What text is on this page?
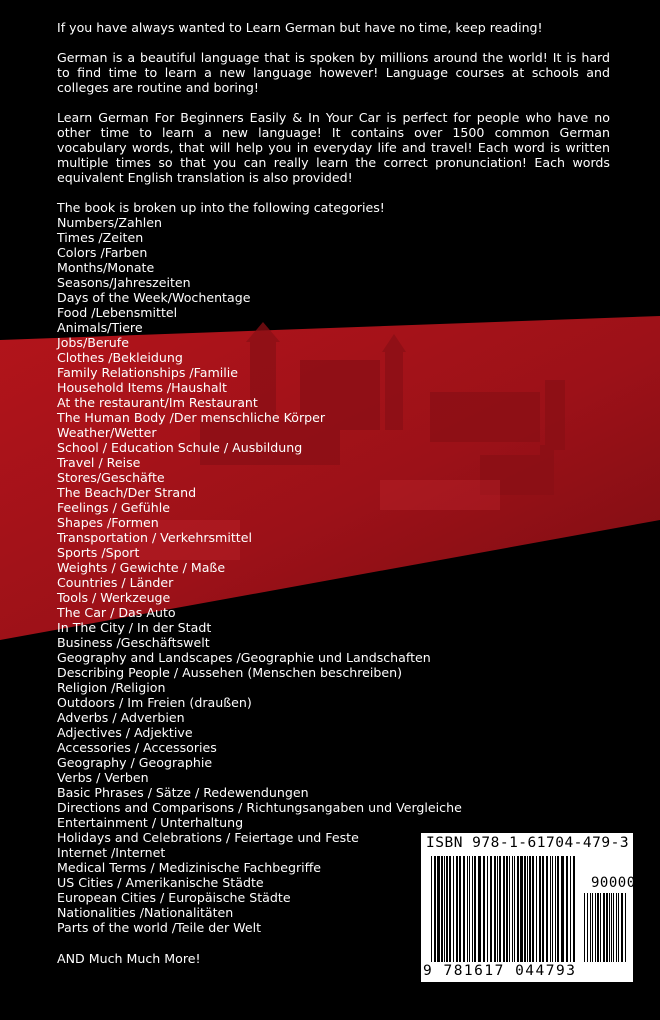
If you have always wanted to Learn German but have no time, keep reading!

German is a beautiful language that is spoken by millions around the world! It is hard to find time to learn a new language however! Language courses at schools and colleges are routine and boring!

Learn German For Beginners Easily & In Your Car is perfect for people who have no other time to learn a new language! It contains over 1500 common German vocabulary words, that will help you in everyday life and travel! Each word is written multiple times so that you can really learn the correct pronunciation! Each words equivalent English translation is also provided!

The book is broken up into the following categories!
Numbers/Zahlen
Times /Zeiten
Colors /Farben
Months/Monate
Seasons/Jahreszeiten
Days of the Week/Wochentage
Food /Lebensmittel
Animals/Tiere
Jobs/Berufe
Clothes /Bekleidung
Family Relationships /Familie
Household Items /Haushalt
At the restaurant/Im Restaurant
The Human Body /Der menschliche Körper
Weather/Wetter
School / Education Schule / Ausbildung
Travel / Reise
Stores/Geschäfte
The Beach/Der Strand
Feelings / Gefühle
Shapes /Formen
Transportation / Verkehrsmittel
Sports /Sport
Weights / Gewichte / Maße
Countries / Länder
Tools / Werkzeuge
The Car / Das Auto
In The City / In der Stadt
Business /Geschäftswelt
Geography and Landscapes /Geographie und Landschaften
Describing People / Aussehen (Menschen beschreiben)
Religion /Religion
Outdoors / Im Freien (draußen)
Adverbs / Adverbien
Adjectives / Adjektive
Accessories / Accessories
Geography / Geographie
Verbs / Verben
Basic Phrases / Sätze / Redewendungen
Directions and Comparisons / Richtungsangaben und Vergleiche
Entertainment / Unterhaltung
Holidays and Celebrations / Feiertage und Feste
Internet /Internet
Medical Terms / Medizinische Fachbegriffe
US Cities / Amerikanische Städte
European Cities / Europäische Städte
Nationalities /Nationalitäten
Parts of the world /Teile der Welt
AND Much Much More!
ISBN 978-1-61704-479-3
90000
9 781617 044793
